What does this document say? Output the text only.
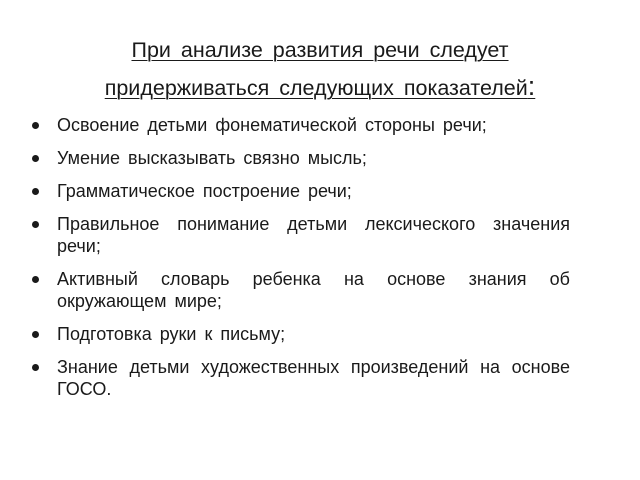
При анализе развития речи следует
придерживаться следующих показателей:
Освоение детьми фонематической стороны речи;
Умение высказывать связно мысль;
Грамматическое построение речи;
Правильное понимание детьми лексического значения речи;
Активный словарь ребенка на основе знания об окружающем мире;
Подготовка руки к письму;
Знание детьми художественных произведений на основе ГОСО.
